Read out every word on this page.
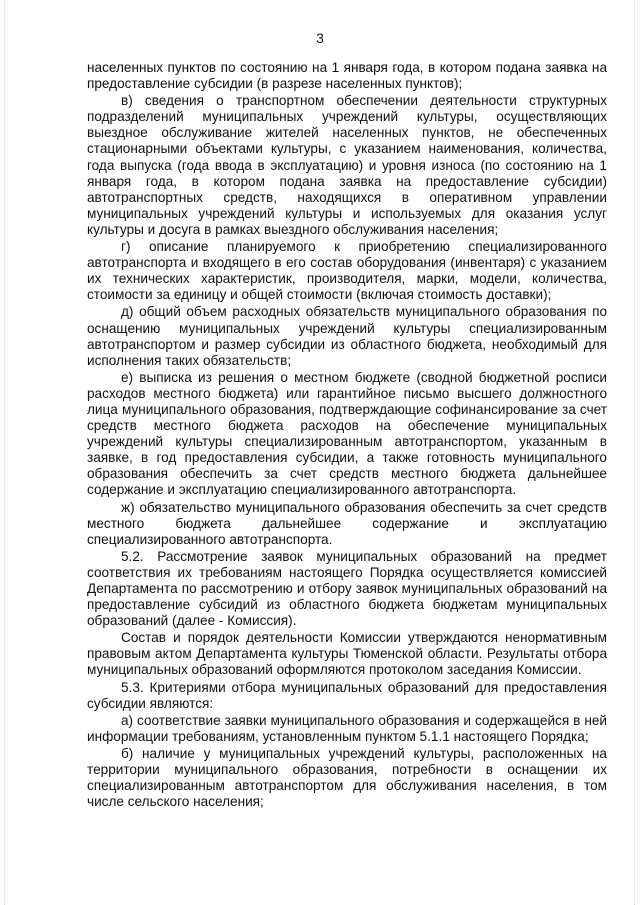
3

населенных пунктов по состоянию на 1 января года, в котором подана заявка на предоставление субсидии (в разрезе населенных пунктов);

в) сведения о транспортном обеспечении деятельности структурных подразделений муниципальных учреждений культуры, осуществляющих выездное обслуживание жителей населенных пунктов, не обеспеченных стационарными объектами культуры, с указанием наименования, количества, года выпуска (года ввода в эксплуатацию) и уровня износа (по состоянию на 1 января года, в котором подана заявка на предоставление субсидии) автотранспортных средств, находящихся в оперативном управлении муниципальных учреждений культуры и используемых для оказания услуг культуры и досуга в рамках выездного обслуживания населения;

г) описание планируемого к приобретению специализированного автотранспорта и входящего в его состав оборудования (инвентаря) с указанием их технических характеристик, производителя, марки, модели, количества, стоимости за единицу и общей стоимости (включая стоимость доставки);

д) общий объем расходных обязательств муниципального образования по оснащению муниципальных учреждений культуры специализированным автотранспортом и размер субсидии из областного бюджета, необходимый для исполнения таких обязательств;

е) выписка из решения о местном бюджете (сводной бюджетной росписи расходов местного бюджета) или гарантийное письмо высшего должностного лица муниципального образования, подтверждающие софинансирование за счет средств местного бюджета расходов на обеспечение муниципальных учреждений культуры специализированным автотранспортом, указанным в заявке, в год предоставления субсидии, а также готовность муниципального образования обеспечить за счет средств местного бюджета дальнейшее содержание и эксплуатацию специализированного автотранспорта.

ж) обязательство муниципального образования обеспечить за счет средств местного бюджета дальнейшее содержание и эксплуатацию специализированного автотранспорта.

5.2. Рассмотрение заявок муниципальных образований на предмет соответствия их требованиям настоящего Порядка осуществляется комиссией Департамента по рассмотрению и отбору заявок муниципальных образований на предоставление субсидий из областного бюджета бюджетам муниципальных образований (далее - Комиссия).

Состав и порядок деятельности Комиссии утверждаются ненормативным правовым актом Департамента культуры Тюменской области. Результаты отбора муниципальных образований оформляются протоколом заседания Комиссии.

5.3. Критериями отбора муниципальных образований для предоставления субсидии являются:

а) соответствие заявки муниципального образования и содержащейся в ней информации требованиям, установленным пунктом 5.1.1 настоящего Порядка;

б) наличие у муниципальных учреждений культуры, расположенных на территории муниципального образования, потребности в оснащении их специализированным автотранспортом для обслуживания населения, в том числе сельского населения;
